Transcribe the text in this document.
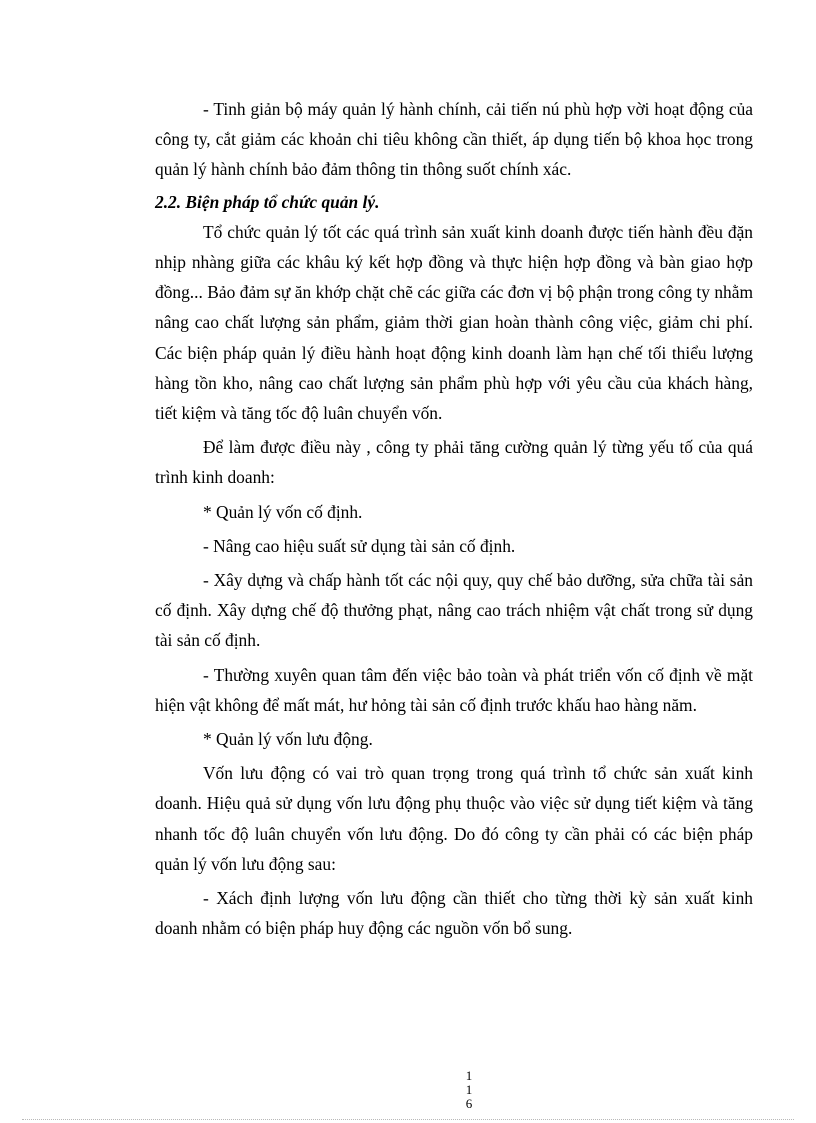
- Tinh giản bộ máy quản lý hành chính, cải tiến nú phù hợp vời hoạt động của công ty, cắt giảm các khoản chi tiêu không cần thiết, áp dụng tiến bộ khoa học trong quản lý hành chính bảo đảm thông tin thông suốt chính xác.

2.2. Biện pháp tổ chức quản lý.

Tổ chức quản lý tốt các quá trình sản xuất kinh doanh được tiến hành đều đặn nhịp nhàng giữa các khâu ký kết hợp đồng và thực hiện hợp đồng và bàn giao hợp đồng... Bảo đảm sự ăn khớp chặt chẽ các giữa các đơn vị bộ phận trong công ty nhằm nâng cao chất lượng sản phẩm, giảm thời gian hoàn thành công việc, giảm chi phí. Các biện pháp quản lý điều hành hoạt động kinh doanh làm hạn chế tối thiểu lượng hàng tồn kho, nâng cao chất lượng sản phẩm phù hợp với yêu cầu của khách hàng, tiết kiệm và tăng tốc độ luân chuyển vốn.

Để làm được điều này , công ty phải tăng cường quản lý từng yếu tố của quá trình kinh doanh:

* Quản lý vốn cố định.

- Nâng cao hiệu suất sử dụng tài sản cố định.

- Xây dựng và chấp hành tốt các nội quy, quy chế bảo dưỡng, sửa chữa tài sản cố định. Xây dựng chế độ thưởng phạt, nâng cao trách nhiệm vật chất trong sử dụng tài sản cố định.

- Thường xuyên quan tâm đến việc bảo toàn và phát triển vốn cố định về mặt hiện vật không để mất mát, hư hỏng tài sản cố định trước khấu hao hàng năm.

* Quản lý vốn lưu động.

Vốn lưu động có vai trò quan trọng trong quá trình tổ chức sản xuất kinh doanh. Hiệu quả sử dụng vốn lưu động phụ thuộc vào việc sử dụng tiết kiệm và tăng nhanh tốc độ luân chuyển vốn lưu động. Do đó công ty cần phải có các biện pháp quản lý vốn lưu động sau:

- Xách định lượng vốn lưu động cần thiết cho từng thời kỳ sản xuất kinh doanh nhằm có biện pháp huy động các nguồn vốn bổ sung.

1
1
6
